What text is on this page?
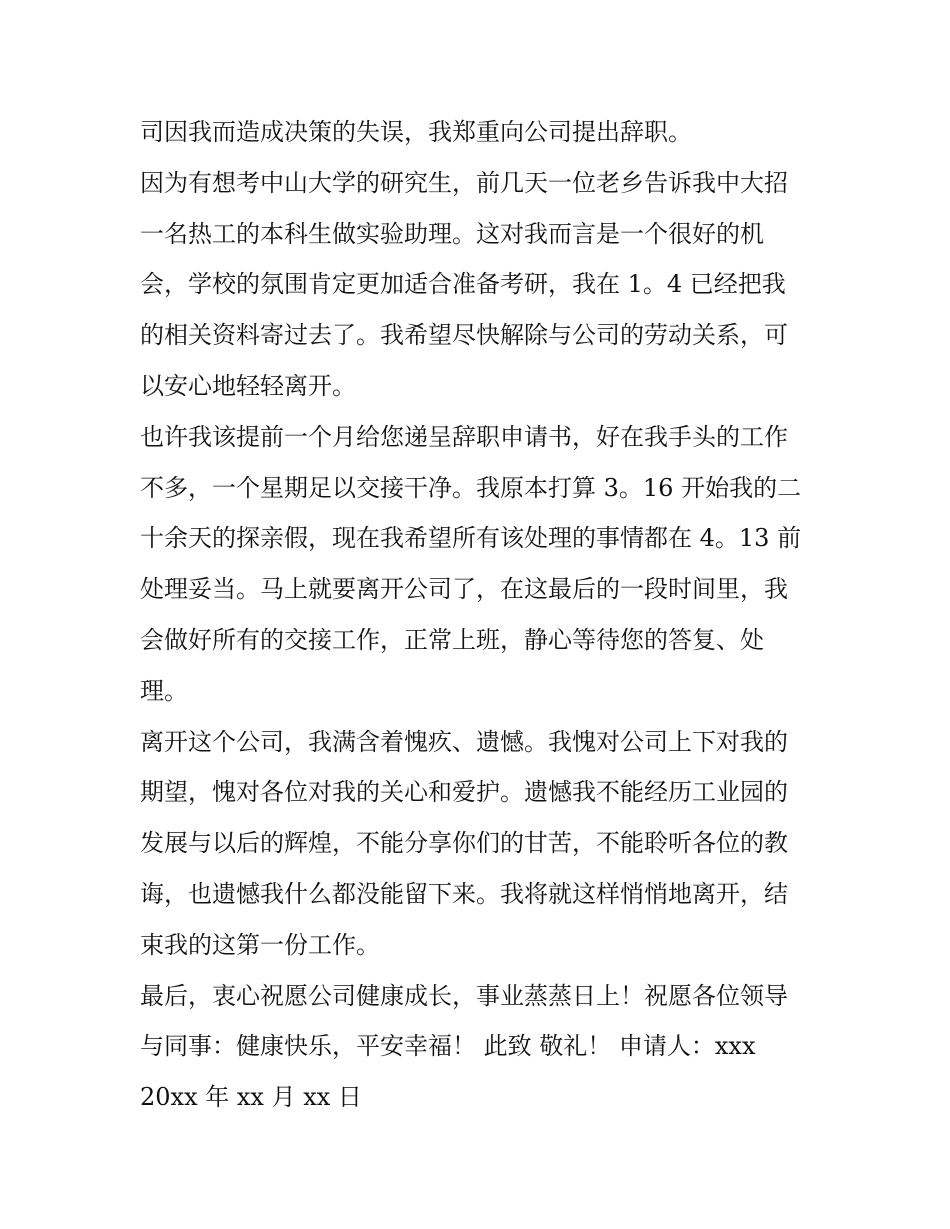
司因我而造成决策的失误，我郑重向公司提出辞职。
因为有想考中山大学的研究生，前几天一位老乡告诉我中大招
一名热工的本科生做实验助理。这对我而言是一个很好的机
会，学校的氛围肯定更加适合准备考研，我在 1。4 已经把我
的相关资料寄过去了。我希望尽快解除与公司的劳动关系，可
以安心地轻轻离开。
也许我该提前一个月给您递呈辞职申请书，好在我手头的工作
不多，一个星期足以交接干净。我原本打算 3。16 开始我的二
十余天的探亲假，现在我希望所有该处理的事情都在 4。13 前
处理妥当。马上就要离开公司了，在这最后的一段时间里，我
会做好所有的交接工作，正常上班，静心等待您的答复、处
理。
离开这个公司，我满含着愧疚、遗憾。我愧对公司上下对我的
期望，愧对各位对我的关心和爱护。遗憾我不能经历工业园的
发展与以后的辉煌，不能分享你们的甘苦，不能聆听各位的教
诲，也遗憾我什么都没能留下来。我将就这样悄悄地离开，结
束我的这第一份工作。
最后，衷心祝愿公司健康成长，事业蒸蒸日上！祝愿各位领导
与同事：健康快乐，平安幸福！ 此致 敬礼！ 申请人：xxx
20xx 年 xx 月 xx 日
